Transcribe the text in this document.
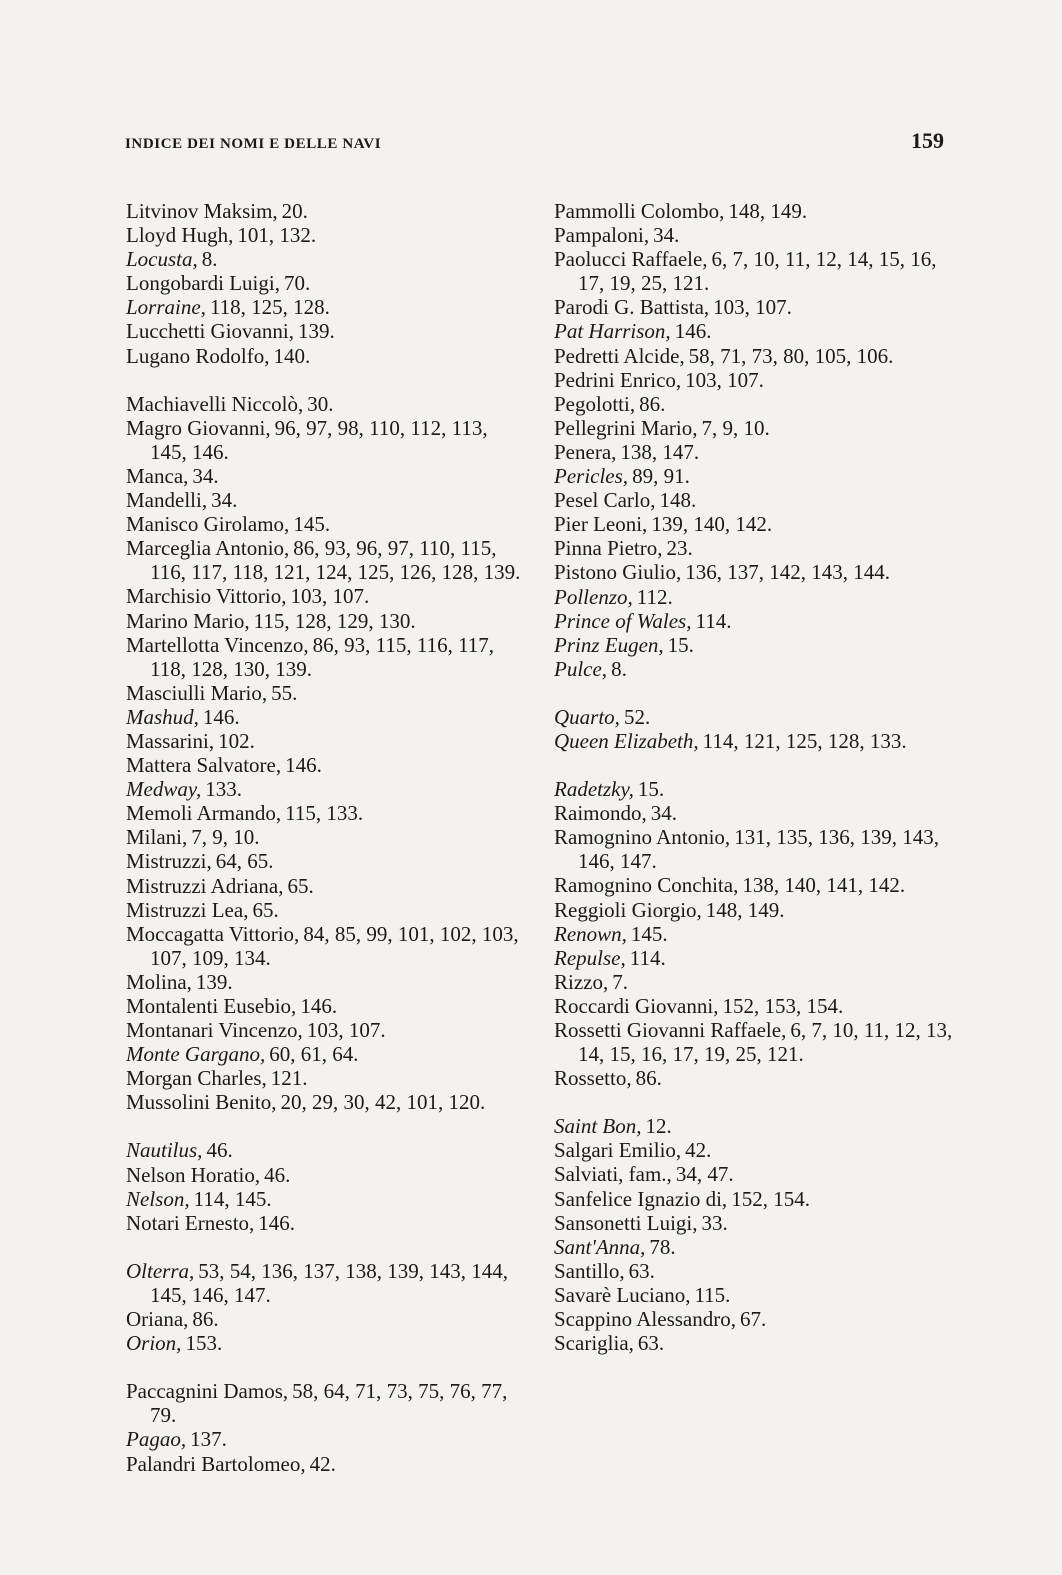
INDICE DEI NOMI E DELLE NAVI	159
Litvinov Maksim, 20.
Lloyd Hugh, 101, 132.
Locusta, 8.
Longobardi Luigi, 70.
Lorraine, 118, 125, 128.
Lucchetti Giovanni, 139.
Lugano Rodolfo, 140.
Machiavelli Niccolò, 30.
Magro Giovanni, 96, 97, 98, 110, 112, 113, 145, 146.
Manca, 34.
Mandelli, 34.
Manisco Girolamo, 145.
Marceglia Antonio, 86, 93, 96, 97, 110, 115, 116, 117, 118, 121, 124, 125, 126, 128, 139.
Marchisio Vittorio, 103, 107.
Marino Mario, 115, 128, 129, 130.
Martellotta Vincenzo, 86, 93, 115, 116, 117, 118, 128, 130, 139.
Masciulli Mario, 55.
Mashud, 146.
Massarini, 102.
Mattera Salvatore, 146.
Medway, 133.
Memoli Armando, 115, 133.
Milani, 7, 9, 10.
Mistruzzi, 64, 65.
Mistruzzi Adriana, 65.
Mistruzzi Lea, 65.
Moccagatta Vittorio, 84, 85, 99, 101, 102, 103, 107, 109, 134.
Molina, 139.
Montalenti Eusebio, 146.
Montanari Vincenzo, 103, 107.
Monte Gargano, 60, 61, 64.
Morgan Charles, 121.
Mussolini Benito, 20, 29, 30, 42, 101, 120.
Nautilus, 46.
Nelson Horatio, 46.
Nelson, 114, 145.
Notari Ernesto, 146.
Olterra, 53, 54, 136, 137, 138, 139, 143, 144, 145, 146, 147.
Oriana, 86.
Orion, 153.
Paccagnini Damos, 58, 64, 71, 73, 75, 76, 77, 79.
Pagao, 137.
Palandri Bartolomeo, 42.
Pammolli Colombo, 148, 149.
Pampaloni, 34.
Paolucci Raffaele, 6, 7, 10, 11, 12, 14, 15, 16, 17, 19, 25, 121.
Parodi G. Battista, 103, 107.
Pat Harrison, 146.
Pedretti Alcide, 58, 71, 73, 80, 105, 106.
Pedrini Enrico, 103, 107.
Pegolotti, 86.
Pellegrini Mario, 7, 9, 10.
Penera, 138, 147.
Pericles, 89, 91.
Pesel Carlo, 148.
Pier Leoni, 139, 140, 142.
Pinna Pietro, 23.
Pistono Giulio, 136, 137, 142, 143, 144.
Pollenzo, 112.
Prince of Wales, 114.
Prinz Eugen, 15.
Pulce, 8.
Quarto, 52.
Queen Elizabeth, 114, 121, 125, 128, 133.
Radetzky, 15.
Raimondo, 34.
Ramognino Antonio, 131, 135, 136, 139, 143, 146, 147.
Ramognino Conchita, 138, 140, 141, 142.
Reggioli Giorgio, 148, 149.
Renown, 145.
Repulse, 114.
Rizzo, 7.
Roccardi Giovanni, 152, 153, 154.
Rossetti Giovanni Raffaele, 6, 7, 10, 11, 12, 13, 14, 15, 16, 17, 19, 25, 121.
Rossetto, 86.
Saint Bon, 12.
Salgari Emilio, 42.
Salviati, fam., 34, 47.
Sanfelice Ignazio di, 152, 154.
Sansonetti Luigi, 33.
Sant'Anna, 78.
Santillo, 63.
Savarè Luciano, 115.
Scappino Alessandro, 67.
Scariglia, 63.
